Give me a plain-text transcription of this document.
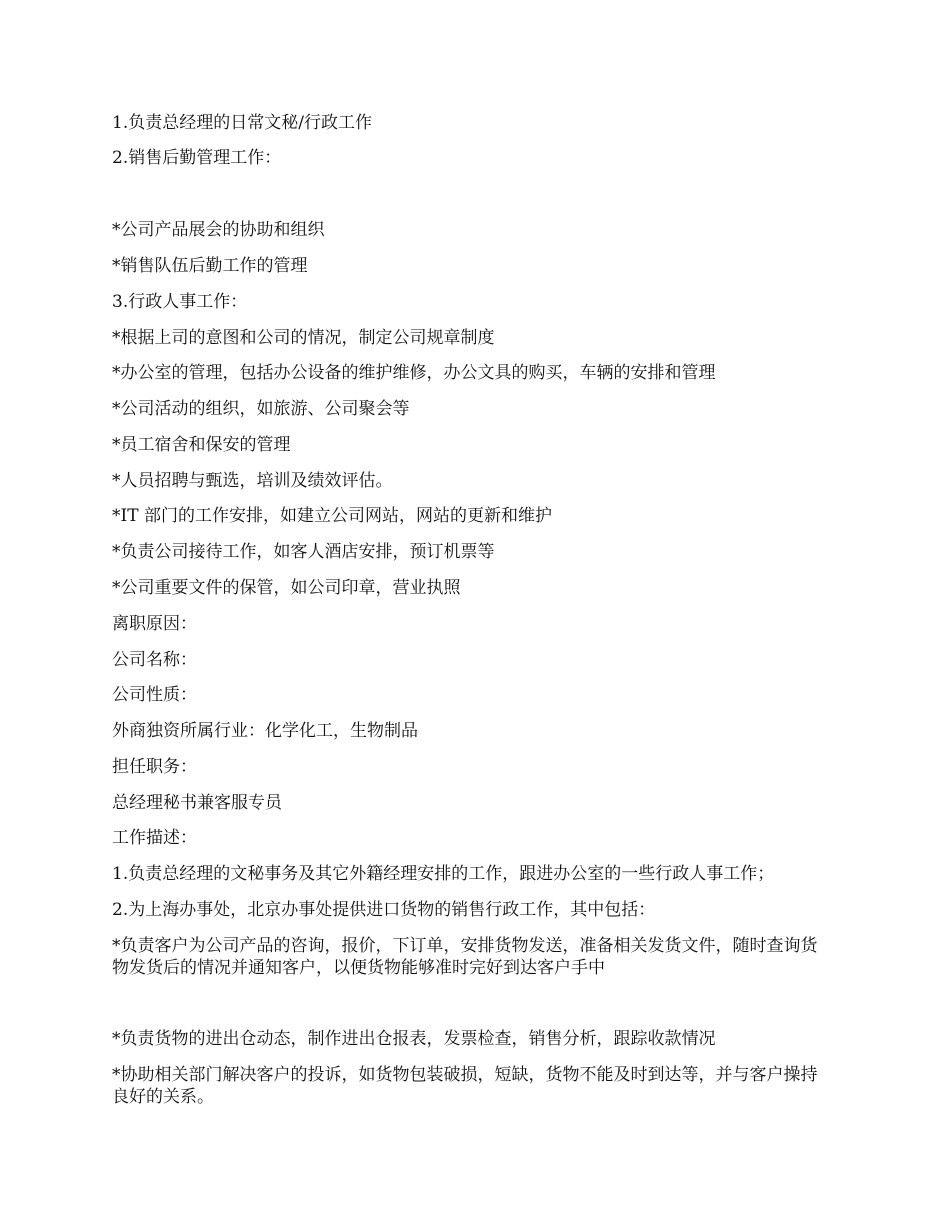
1.负责总经理的日常文秘/行政工作
2.销售后勤管理工作：
*公司产品展会的协助和组织
*销售队伍后勤工作的管理
3.行政人事工作：
*根据上司的意图和公司的情况，制定公司规章制度
*办公室的管理，包括办公设备的维护维修，办公文具的购买，车辆的安排和管理
*公司活动的组织，如旅游、公司聚会等
*员工宿舍和保安的管理
*人员招聘与甄选，培训及绩效评估。
*IT 部门的工作安排，如建立公司网站，网站的更新和维护
*负责公司接待工作，如客人酒店安排，预订机票等
*公司重要文件的保管，如公司印章，营业执照
离职原因：
公司名称：
公司性质：
外商独资所属行业：化学化工，生物制品
担任职务：
总经理秘书兼客服专员
工作描述：
1.负责总经理的文秘事务及其它外籍经理安排的工作，跟进办公室的一些行政人事工作；
2.为上海办事处，北京办事处提供进口货物的销售行政工作，其中包括：
*负责客户为公司产品的咨询，报价，下订单，安排货物发送，准备相关发货文件，随时查询货物发货后的情况并通知客户，以便货物能够准时完好到达客户手中
*负责货物的进出仓动态，制作进出仓报表，发票检查，销售分析，跟踪收款情况
*协助相关部门解决客户的投诉，如货物包装破损，短缺，货物不能及时到达等，并与客户操持良好的关系。
